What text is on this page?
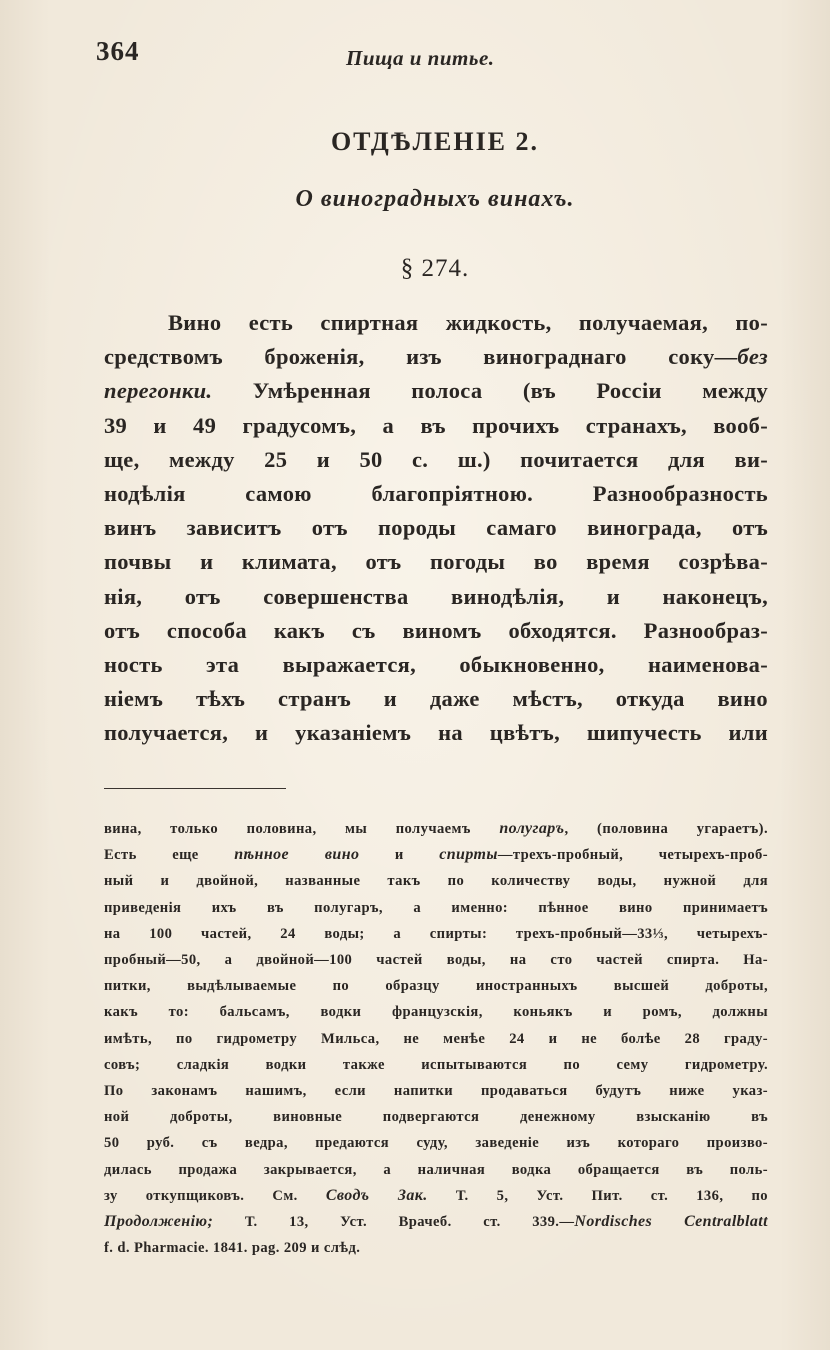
364	Пища и питье.
ОТДѢЛЕНІЕ 2.
О виноградныхъ винахъ.
§ 274.
Вино есть спиртная жидкость, получаемая, по-
средствомъ броженія, изъ винограднаго соку—без
перегонки. Умѣренная полоса (въ Россіи между
39 и 49 градусомъ, а въ прочихъ странахъ, вооб-
ще, между 25 и 50 с. ш.) почитается для ви-
нодѣлія самою благопріятною. Разнообразность
винъ зависитъ отъ породы самаго винограда, отъ
почвы и климата, отъ погоды во время созрѣва-
нія, отъ совершенства винодѣлія, и наконецъ,
отъ способа какъ съ виномъ обходятся. Разнообраз-
ность эта выражается, обыкновенно, наименова-
ніемъ тѣхъ странъ и даже мѣстъ, откуда вино
получается, и указаніемъ на цвѣтъ, шипучесть или
вина, только половина, мы получаемъ полугаръ, (половина угараетъ).
Есть еще пѣнное вино и спирты—трехъ-пробный, четырехъ-проб-
ный и двойной, названные такъ по количеству воды, нужной для
приведенія ихъ въ полугаръ, а именно: пѣнное вино принимаетъ
на 100 частей, 24 воды; а спирты: трехъ-пробный—33⅓, четырехъ-
пробный—50, а двойной—100 частей воды, на сто частей спирта. На-
питки, выдѣлываемые по образцу иностранныхъ высшей доброты,
какъ то: бальсамъ, водки французскія, коньякъ и ромъ, должны
имѣть, по гидрометру Мильса, не менѣе 24 и не болѣе 28 граду-
совъ; сладкія водки также испытываются по сему гидрометру.
По законамъ нашимъ, если напитки продаваться будутъ ниже указ-
ной доброты, виновные подвергаются денежному взысканію въ
50 руб. съ ведра, предаются суду, заведеніе изъ котораго произво-
дилась продажа закрывается, а наличная водка обращается въ поль-
зу откупщиковъ. См. Сводъ Зак. Т. 5, Уст. Пит. ст. 136, по
Продолженію; Т. 13, Уст. Врачеб. ст. 339.—Nordisches Centralblatt
f. d. Pharmacie. 1841. pag. 209 и слѣд.
